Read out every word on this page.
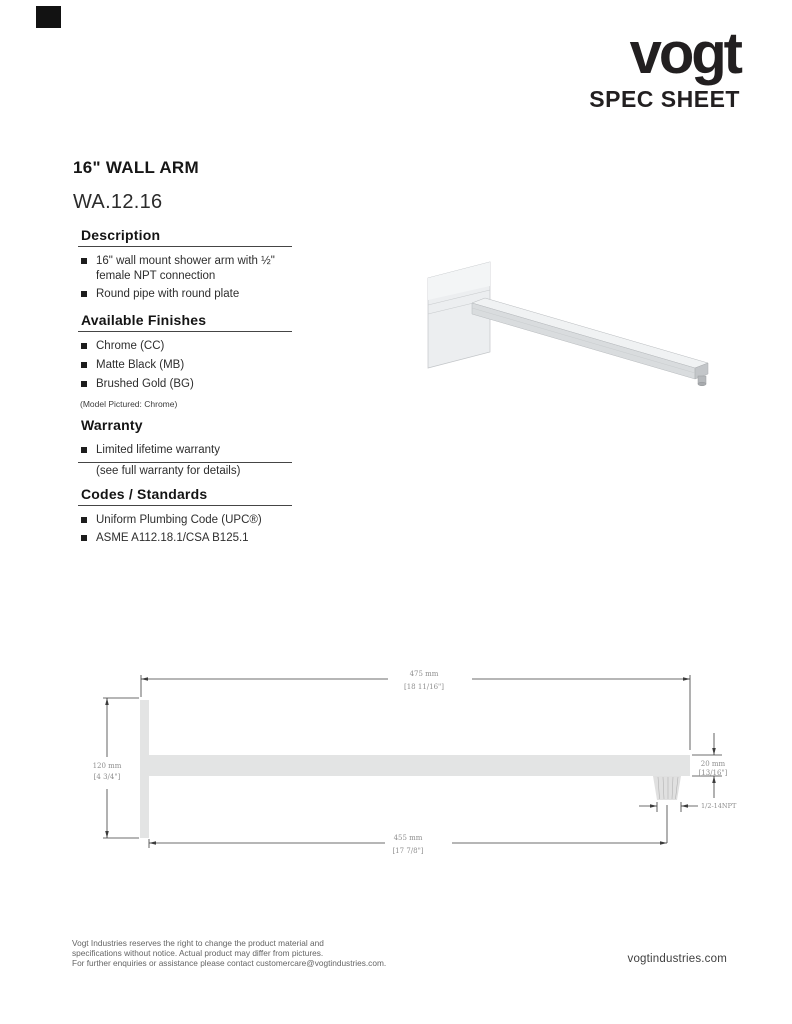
vogt
SPEC SHEET
16" WALL ARM
WA.12.16
Description
16" wall mount shower arm with ½" female NPT connection
Round pipe with round plate
Available Finishes
Chrome (CC)
Matte Black (MB)
Brushed Gold (BG)
(Model Pictured: Chrome)
Warranty
Limited lifetime warranty
(see full warranty for details)
Codes / Standards
Uniform Plumbing Code (UPC®)
ASME A112.18.1/CSA B125.1
475 mm
[18 11/16"]
120 mm
[4 3/4"]
20 mm
[13/16"]
1/2-14NPT
455 mm
[17 7/8"]
Vogt Industries reserves the right to change the product material and
specifications without notice. Actual product may differ from pictures.
For further enquiries or assistance please contact customercare@vogtindustries.com.	vogtindustries.com
